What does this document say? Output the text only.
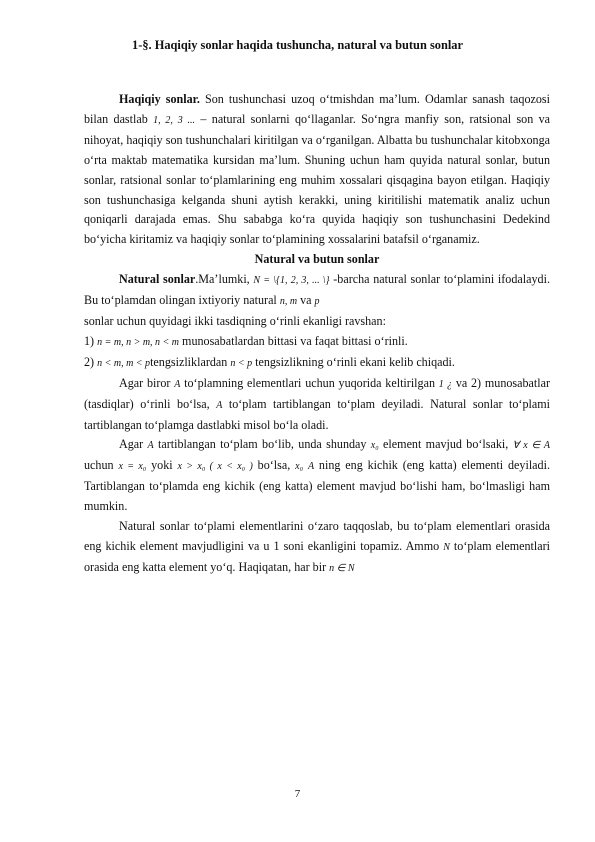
1-§. Haqiqiy sonlar haqida tushuncha, natural va butun sonlar

Haqiqiy sonlar. Son tushunchasi uzoq o‘tmishdan ma’lum. Odamlar sanash taqozosi bilan dastlab 1, 2, 3 ... – natural sonlarni qo‘llaganlar. So‘ngra manfiy son, ratsional son va nihoyat, haqiqiy son tushunchalari kiritilgan va o‘rganilgan. Albatta bu tushunchalar kitobxonga o‘rta maktab matematika kursidan ma’lum. Shuning uchun ham quyida natural sonlar, butun sonlar, ratsional sonlar to‘plamlarining eng muhim xossalari qisqagina bayon etilgan. Haqiqiy son tushunchasiga kelganda shuni aytish kerakki, uning kiritilishi matematik analiz uchun qoniqarli darajada emas. Shu sababga ko‘ra quyida haqiqiy son tushunchasini Dedekind bo‘yicha kiritamiz va haqiqiy sonlar to‘plamining xossalarini batafsil o‘rganamiz.

Natural va butun sonlar

Natural sonlar.Ma’lumki, N = \{1, 2, 3, ... \} -barcha natural sonlar to‘plamini ifodalaydi. Bu to‘plamdan olingan ixtiyoriy natural n, m va p

sonlar uchun quyidagi ikki tasdiqning o‘rinli ekanligi ravshan:

1) n = m, n > m, n < m munosabatlardan bittasi va faqat bittasi o‘rinli.

2) n < m, m < ptengsizliklardan n < p tengsizlikning o‘rinli ekani kelib chiqadi.

Agar biror A to‘plamning elementlari uchun yuqorida keltirilgan 1 ¿ va 2) munosabatlar (tasdiqlar) o‘rinli bo‘lsa, A to‘plam tartiblangan to‘plam deyiladi. Natural sonlar to‘plami tartiblangan to‘plamga dastlabki misol bo‘la oladi.

Agar A tartiblangan to‘plam bo‘lib, unda shunday x₀ element mavjud bo‘lsaki, ∀ x ∈ A uchun x = x₀ yoki x > x₀ ( x < x₀ ) bo‘lsa, x₀ A ning eng kichik (eng katta) elementi deyiladi. Tartiblangan to‘plamda eng kichik (eng katta) element mavjud bo‘lishi ham, bo‘lmasligi ham mumkin.

Natural sonlar to‘plami elementlarini o‘zaro taqqoslab, bu to‘plam elementlari orasida eng kichik element mavjudligini va u 1 soni ekanligini topamiz. Ammo N to‘plam elementlari orasida eng katta element yo‘q. Haqiqatan, har bir n ∈ N

7
